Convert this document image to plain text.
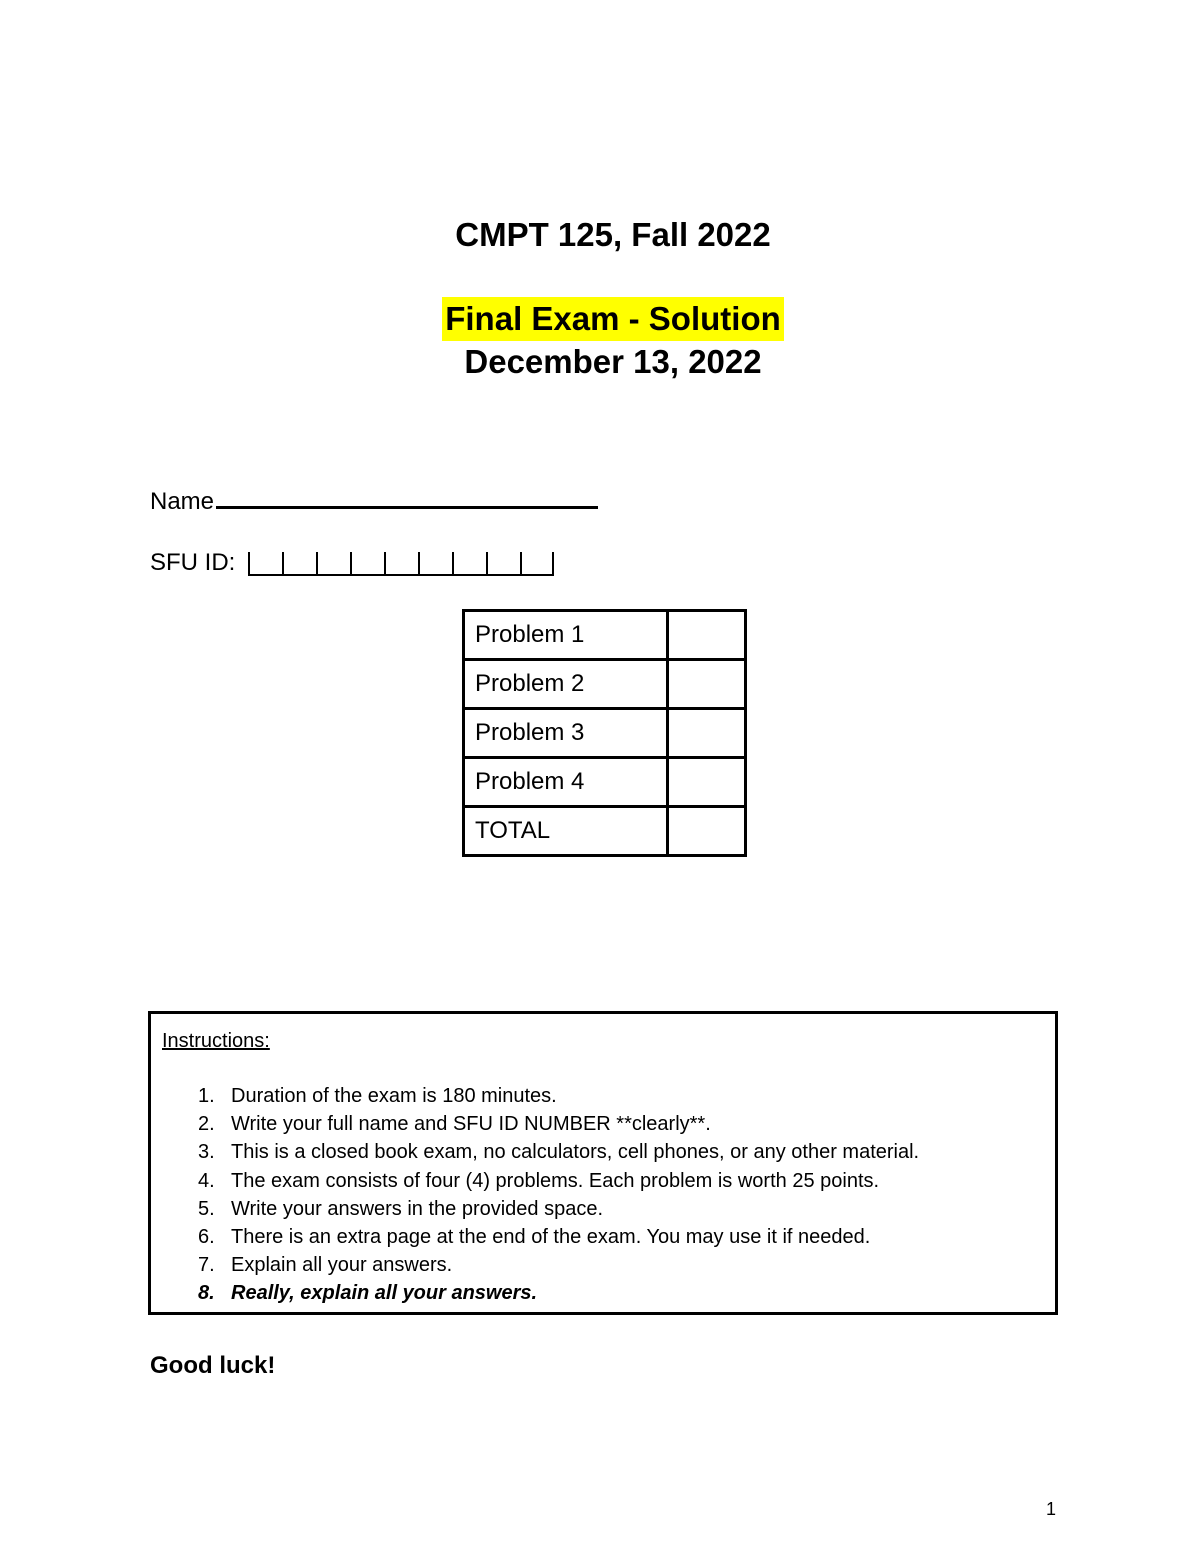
CMPT 125, Fall 2022
Final Exam - Solution
December 13, 2022
Name
SFU ID:
Problem 1	
Problem 2	
Problem 3	
Problem 4	
TOTAL	

Instructions:

1. Duration of the exam is 180 minutes.
2. Write your full name and SFU ID NUMBER **clearly**.
3. This is a closed book exam, no calculators, cell phones, or any other material.
4. The exam consists of four (4) problems. Each problem is worth 25 points.
5. Write your answers in the provided space.
6. There is an extra page at the end of the exam. You may use it if needed.
7. Explain all your answers.
8. Really, explain all your answers.
Good luck!
1
